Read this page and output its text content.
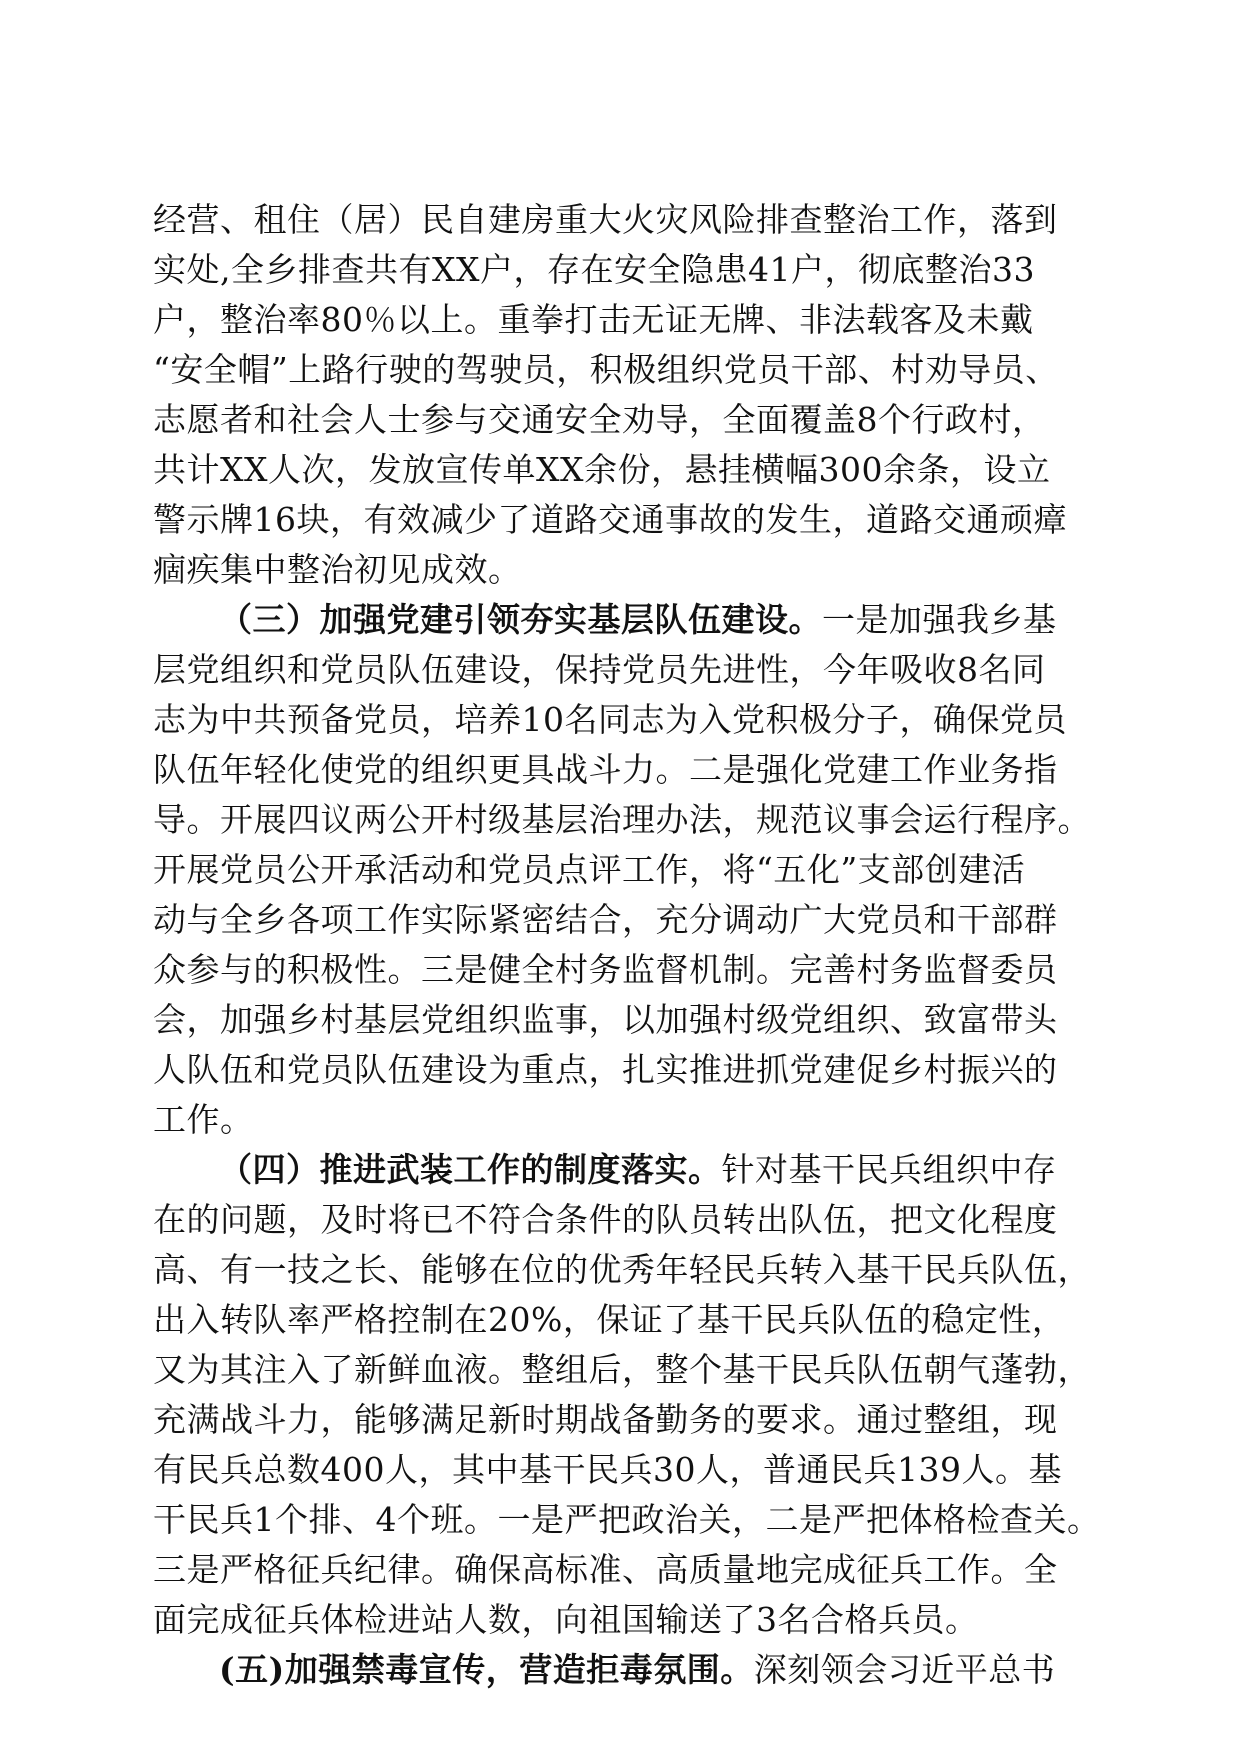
经营、租住（居）民自建房重大火灾风险排查整治工作，落到
实处,全乡排查共有XX户，存在安全隐患41户，彻底整治33
户，整治率80％以上。重拳打击无证无牌、非法载客及未戴
“安全帽”上路行驶的驾驶员，积极组织党员干部、村劝导员、
志愿者和社会人士参与交通安全劝导，全面覆盖8个行政村，
共计XX人次，发放宣传单XX余份，悬挂横幅300余条，设立
警示牌16块，有效减少了道路交通事故的发生，道路交通顽瘴
痼疾集中整治初见成效。
（三）加强党建引领夯实基层队伍建设。一是加强我乡基
层党组织和党员队伍建设，保持党员先进性，今年吸收8名同
志为中共预备党员，培养10名同志为入党积极分子，确保党员
队伍年轻化使党的组织更具战斗力。二是强化党建工作业务指
导。开展四议两公开村级基层治理办法，规范议事会运行程序。
开展党员公开承活动和党员点评工作，将“五化”支部创建活
动与全乡各项工作实际紧密结合，充分调动广大党员和干部群
众参与的积极性。三是健全村务监督机制。完善村务监督委员
会，加强乡村基层党组织监事，以加强村级党组织、致富带头
人队伍和党员队伍建设为重点，扎实推进抓党建促乡村振兴的
工作。
（四）推进武装工作的制度落实。针对基干民兵组织中存
在的问题，及时将已不符合条件的队员转出队伍，把文化程度
高、有一技之长、能够在位的优秀年轻民兵转入基干民兵队伍，
出入转队率严格控制在20%，保证了基干民兵队伍的稳定性，
又为其注入了新鲜血液。整组后，整个基干民兵队伍朝气蓬勃，
充满战斗力，能够满足新时期战备勤务的要求。通过整组，现
有民兵总数400人，其中基干民兵30人，普通民兵139人。基
干民兵1个排、4个班。一是严把政治关，二是严把体格检查关。
三是严格征兵纪律。确保高标准、高质量地完成征兵工作。全
面完成征兵体检进站人数，向祖国输送了3名合格兵员。
(五)加强禁毒宣传，营造拒毒氛围。深刻领会习近平总书
